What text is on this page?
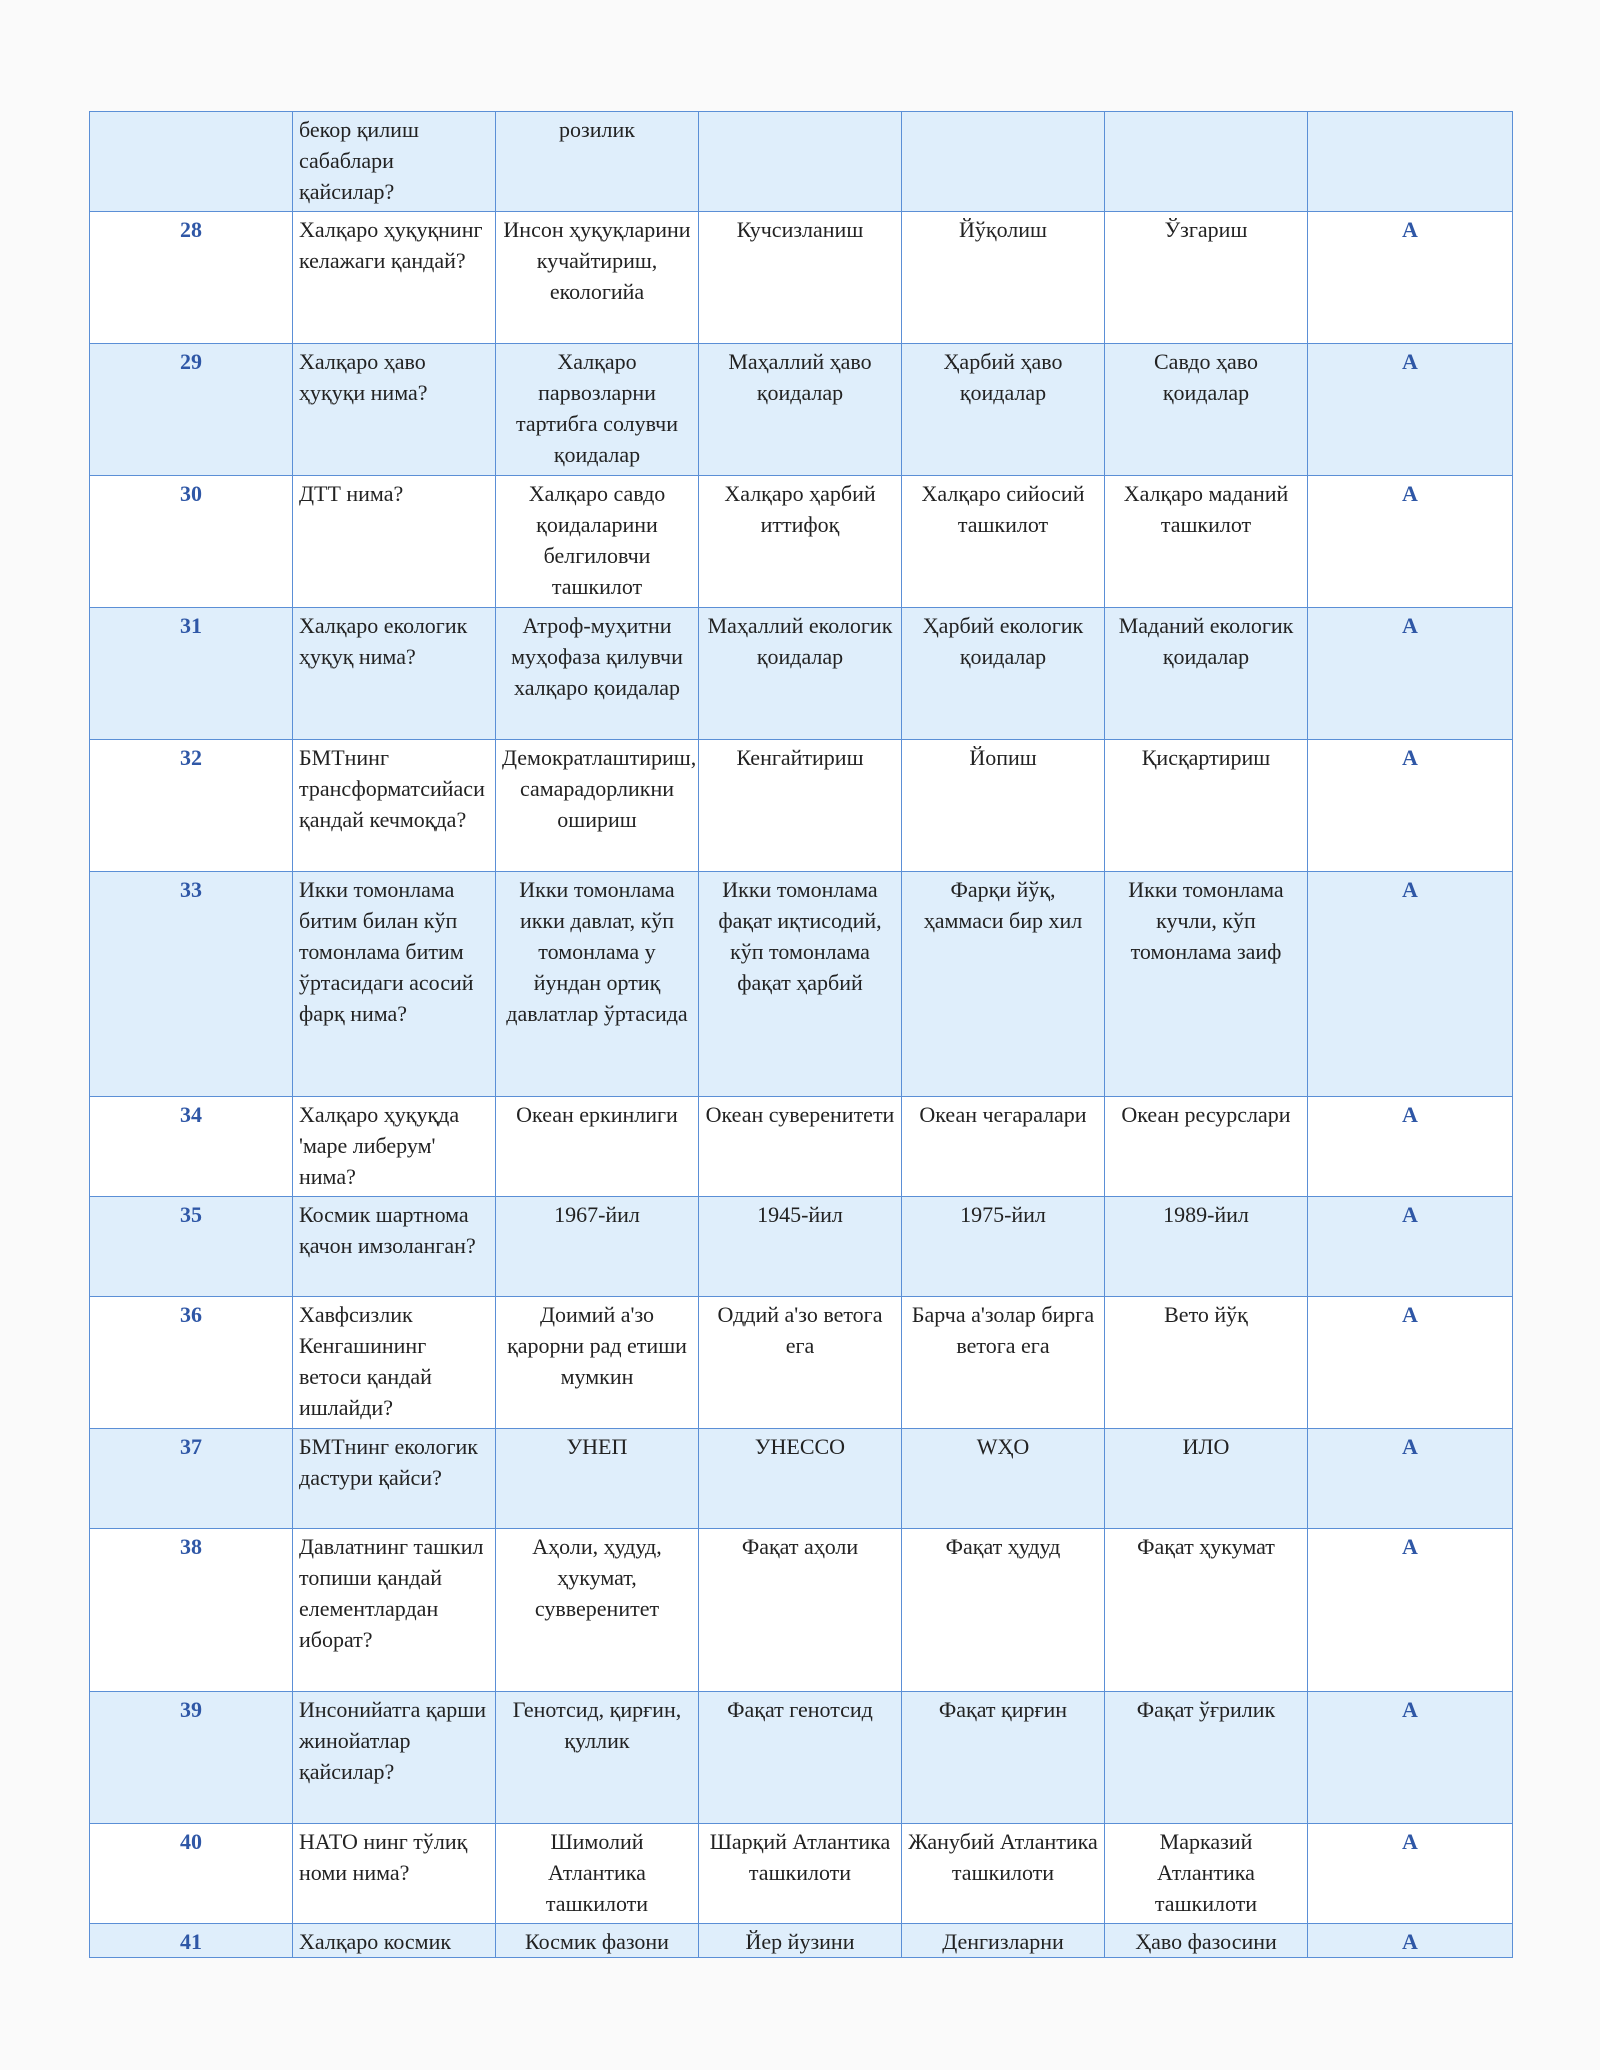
	бекор қилиш сабаблари қайсилар?	розилик				
28	Халқаро ҳуқуқнинг келажаги қандай?	Инсон ҳуқуқларини кучайтириш, екологийа	Кучсизланиш	Йўқолиш	Ўзгариш	A
29	Халқаро ҳаво ҳуқуқи нима?	Халқаро парвозларни тартибга солувчи қоидалар	Маҳаллий ҳаво қоидалар	Ҳарбий ҳаво қоидалар	Савдо ҳаво қоидалар	A
30	ДТТ нима?	Халқаро савдо қоидаларини белгиловчи ташкилот	Халқаро ҳарбий иттифоқ	Халқаро сийосий ташкилот	Халқаро маданий ташкилот	A
31	Халқаро екологик ҳуқуқ нима?	Атроф-муҳитни муҳофаза қилувчи халқаро қоидалар	Маҳаллий екологик қоидалар	Ҳарбий екологик қоидалар	Маданий екологик қоидалар	A
32	БМТнинг трансформатсийаси қандай кечмоқда?	Демократлаштириш, самарадорликни ошириш	Кенгайтириш	Йопиш	Қисқартириш	A
33	Икки томонлама битим билан кўп томонлама битим ўртасидаги асосий фарқ нима?	Икки томонлама икки давлат, кўп томонлама у йундан ортиқ давлатлар ўртасида	Икки томонлама фақат иқтисодий, кўп томонлама фақат ҳарбий	Фарқи йўқ, ҳаммаси бир хил	Икки томонлама кучли, кўп томонлама заиф	A
34	Халқаро ҳуқуқда 'маре либерум' нима?	Океан еркинлиги	Океан суверенитети	Океан чегаралари	Океан ресурслари	A
35	Космик шартнома қачон имзоланган?	1967-йил	1945-йил	1975-йил	1989-йил	A
36	Хавфсизлик Кенгашининг ветоси қандай ишлайди?	Доимий а'зо қарорни рад етиши мумкин	Оддий а'зо ветога ега	Барча а'золар бирга ветога ега	Вето йўқ	A
37	БМТнинг екологик дастури қайси?	УНЕП	УНЕССО	WҲО	ИЛО	A
38	Давлатнинг ташкил топиши қандай елементлардан иборат?	Аҳоли, ҳудуд, ҳукумат, сувверенитет	Фақат аҳоли	Фақат ҳудуд	Фақат ҳукумат	A
39	Инсонийатга қарши жинойатлар қайсилар?	Генотсид, қирғин, қуллик	Фақат генотсид	Фақат қирғин	Фақат ўғрилик	A
40	НАТО нинг тўлиқ номи нима?	Шимолий Атлантика ташкилоти	Шарқий Атлантика ташкилоти	Жанубий Атлантика ташкилоти	Марказий Атлантика ташкилоти	A
41	Халқаро космик	Космик фазони	Йер йузини	Денгизларни	Ҳаво фазосини	A
